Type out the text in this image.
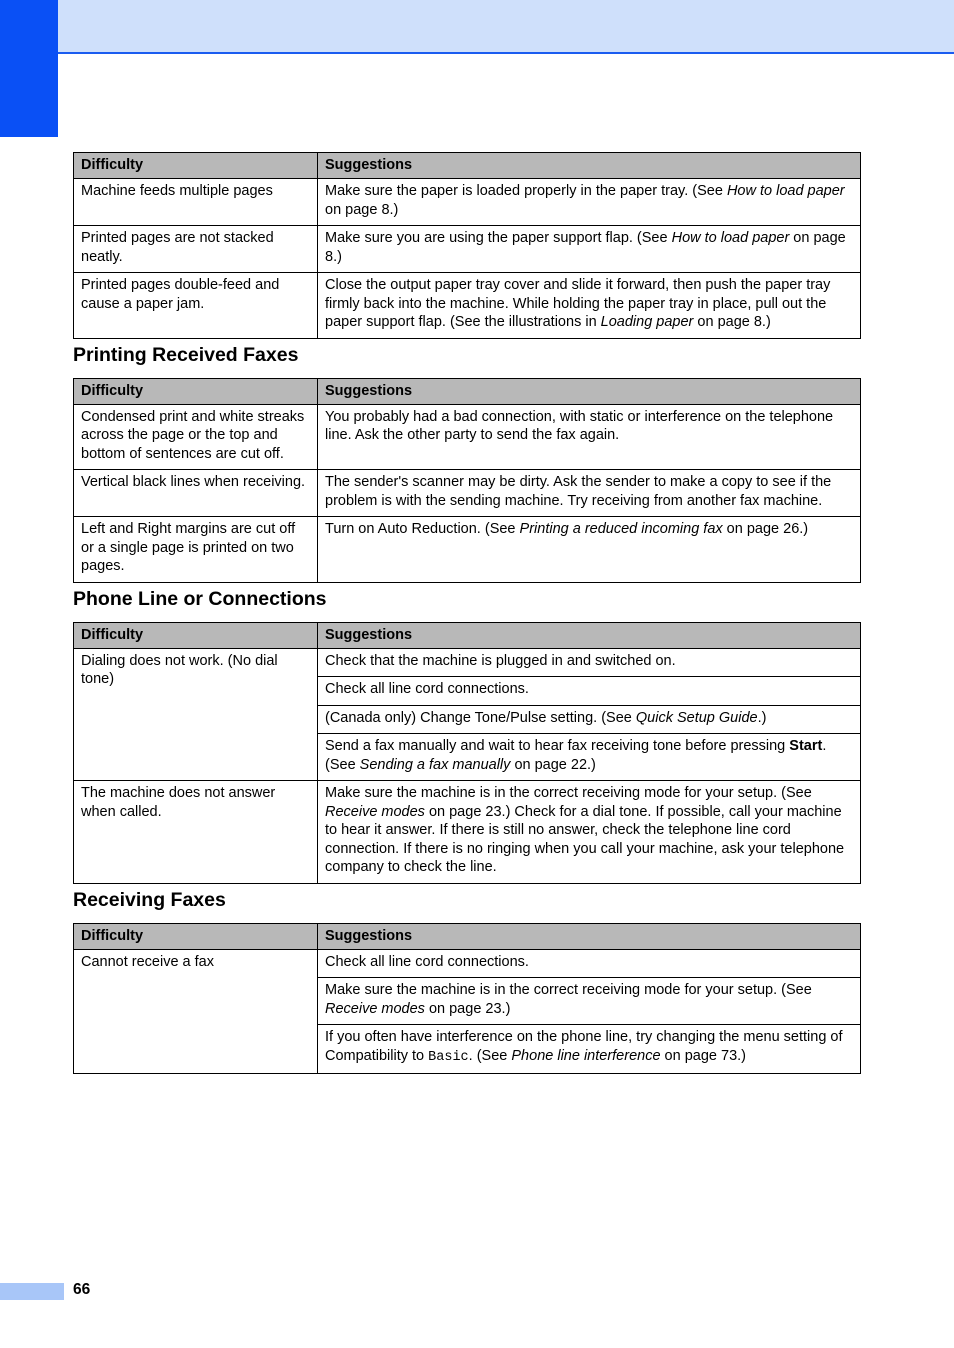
Difficulty	Suggestions
Machine feeds multiple pages	Make sure the paper is loaded properly in the paper tray. (See How to load paper on page 8.)
Printed pages are not stacked neatly.	Make sure you are using the paper support flap. (See How to load paper on page 8.)
Printed pages double-feed and cause a paper jam.	Close the output paper tray cover and slide it forward, then push the paper tray firmly back into the machine. While holding the paper tray in place, pull out the paper support flap. (See the illustrations in Loading paper on page 8.)
Printing Received Faxes
Difficulty	Suggestions
Condensed print and white streaks across the page or the top and bottom of sentences are cut off.	You probably had a bad connection, with static or interference on the telephone line. Ask the other party to send the fax again.
Vertical black lines when receiving.	The sender's scanner may be dirty. Ask the sender to make a copy to see if the problem is with the sending machine. Try receiving from another fax machine.
Left and Right margins are cut off or a single page is printed on two pages.	Turn on Auto Reduction. (See Printing a reduced incoming fax on page 26.)
Phone Line or Connections
Difficulty	Suggestions
Dialing does not work. (No dial tone)	Check that the machine is plugged in and switched on.
	Check all line cord connections.
	(Canada only) Change Tone/Pulse setting. (See Quick Setup Guide.)
	Send a fax manually and wait to hear fax receiving tone before pressing Start. (See Sending a fax manually on page 22.)
The machine does not answer when called.	Make sure the machine is in the correct receiving mode for your setup. (See Receive modes on page 23.) Check for a dial tone. If possible, call your machine to hear it answer. If there is still no answer, check the telephone line cord connection. If there is no ringing when you call your machine, ask your telephone company to check the line.
Receiving Faxes
Difficulty	Suggestions
Cannot receive a fax	Check all line cord connections.
	Make sure the machine is in the correct receiving mode for your setup. (See Receive modes on page 23.)
	If you often have interference on the phone line, try changing the menu setting of Compatibility to Basic. (See Phone line interference on page 73.)
66
